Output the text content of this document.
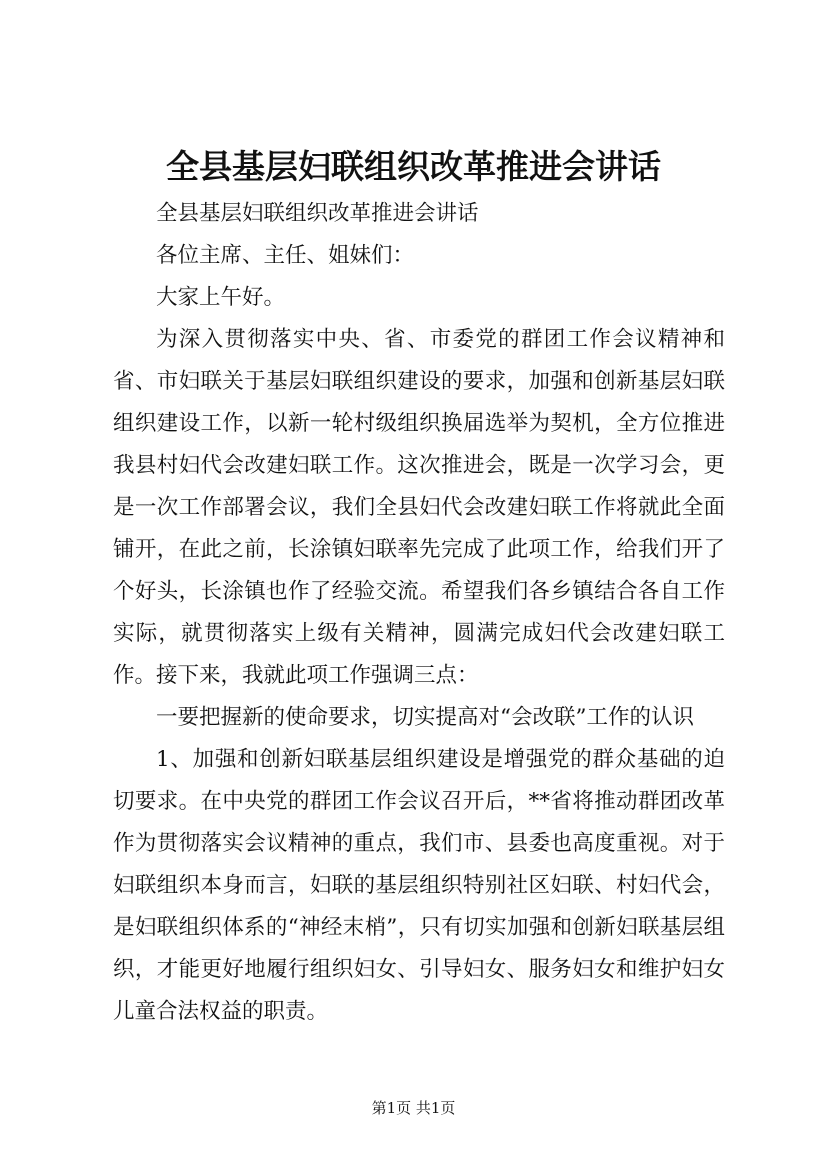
全县基层妇联组织改革推进会讲话

全县基层妇联组织改革推进会讲话

各位主席、主任、姐妹们：

大家上午好。

为深入贯彻落实中央、省、市委党的群团工作会议精神和省、市妇联关于基层妇联组织建设的要求，加强和创新基层妇联组织建设工作，以新一轮村级组织换届选举为契机，全方位推进我县村妇代会改建妇联工作。这次推进会，既是一次学习会，更是一次工作部署会议，我们全县妇代会改建妇联工作将就此全面铺开，在此之前，长涂镇妇联率先完成了此项工作，给我们开了个好头，长涂镇也作了经验交流。希望我们各乡镇结合各自工作实际，就贯彻落实上级有关精神，圆满完成妇代会改建妇联工作。接下来，我就此项工作强调三点：

一要把握新的使命要求，切实提高对“会改联”工作的认识

1、加强和创新妇联基层组织建设是增强党的群众基础的迫切要求。在中央党的群团工作会议召开后，**省将推动群团改革作为贯彻落实会议精神的重点，我们市、县委也高度重视。对于妇联组织本身而言，妇联的基层组织特别社区妇联、村妇代会，是妇联组织体系的“神经末梢”，只有切实加强和创新妇联基层组织，才能更好地履行组织妇女、引导妇女、服务妇女和维护妇女儿童合法权益的职责。

第1页 共1页
